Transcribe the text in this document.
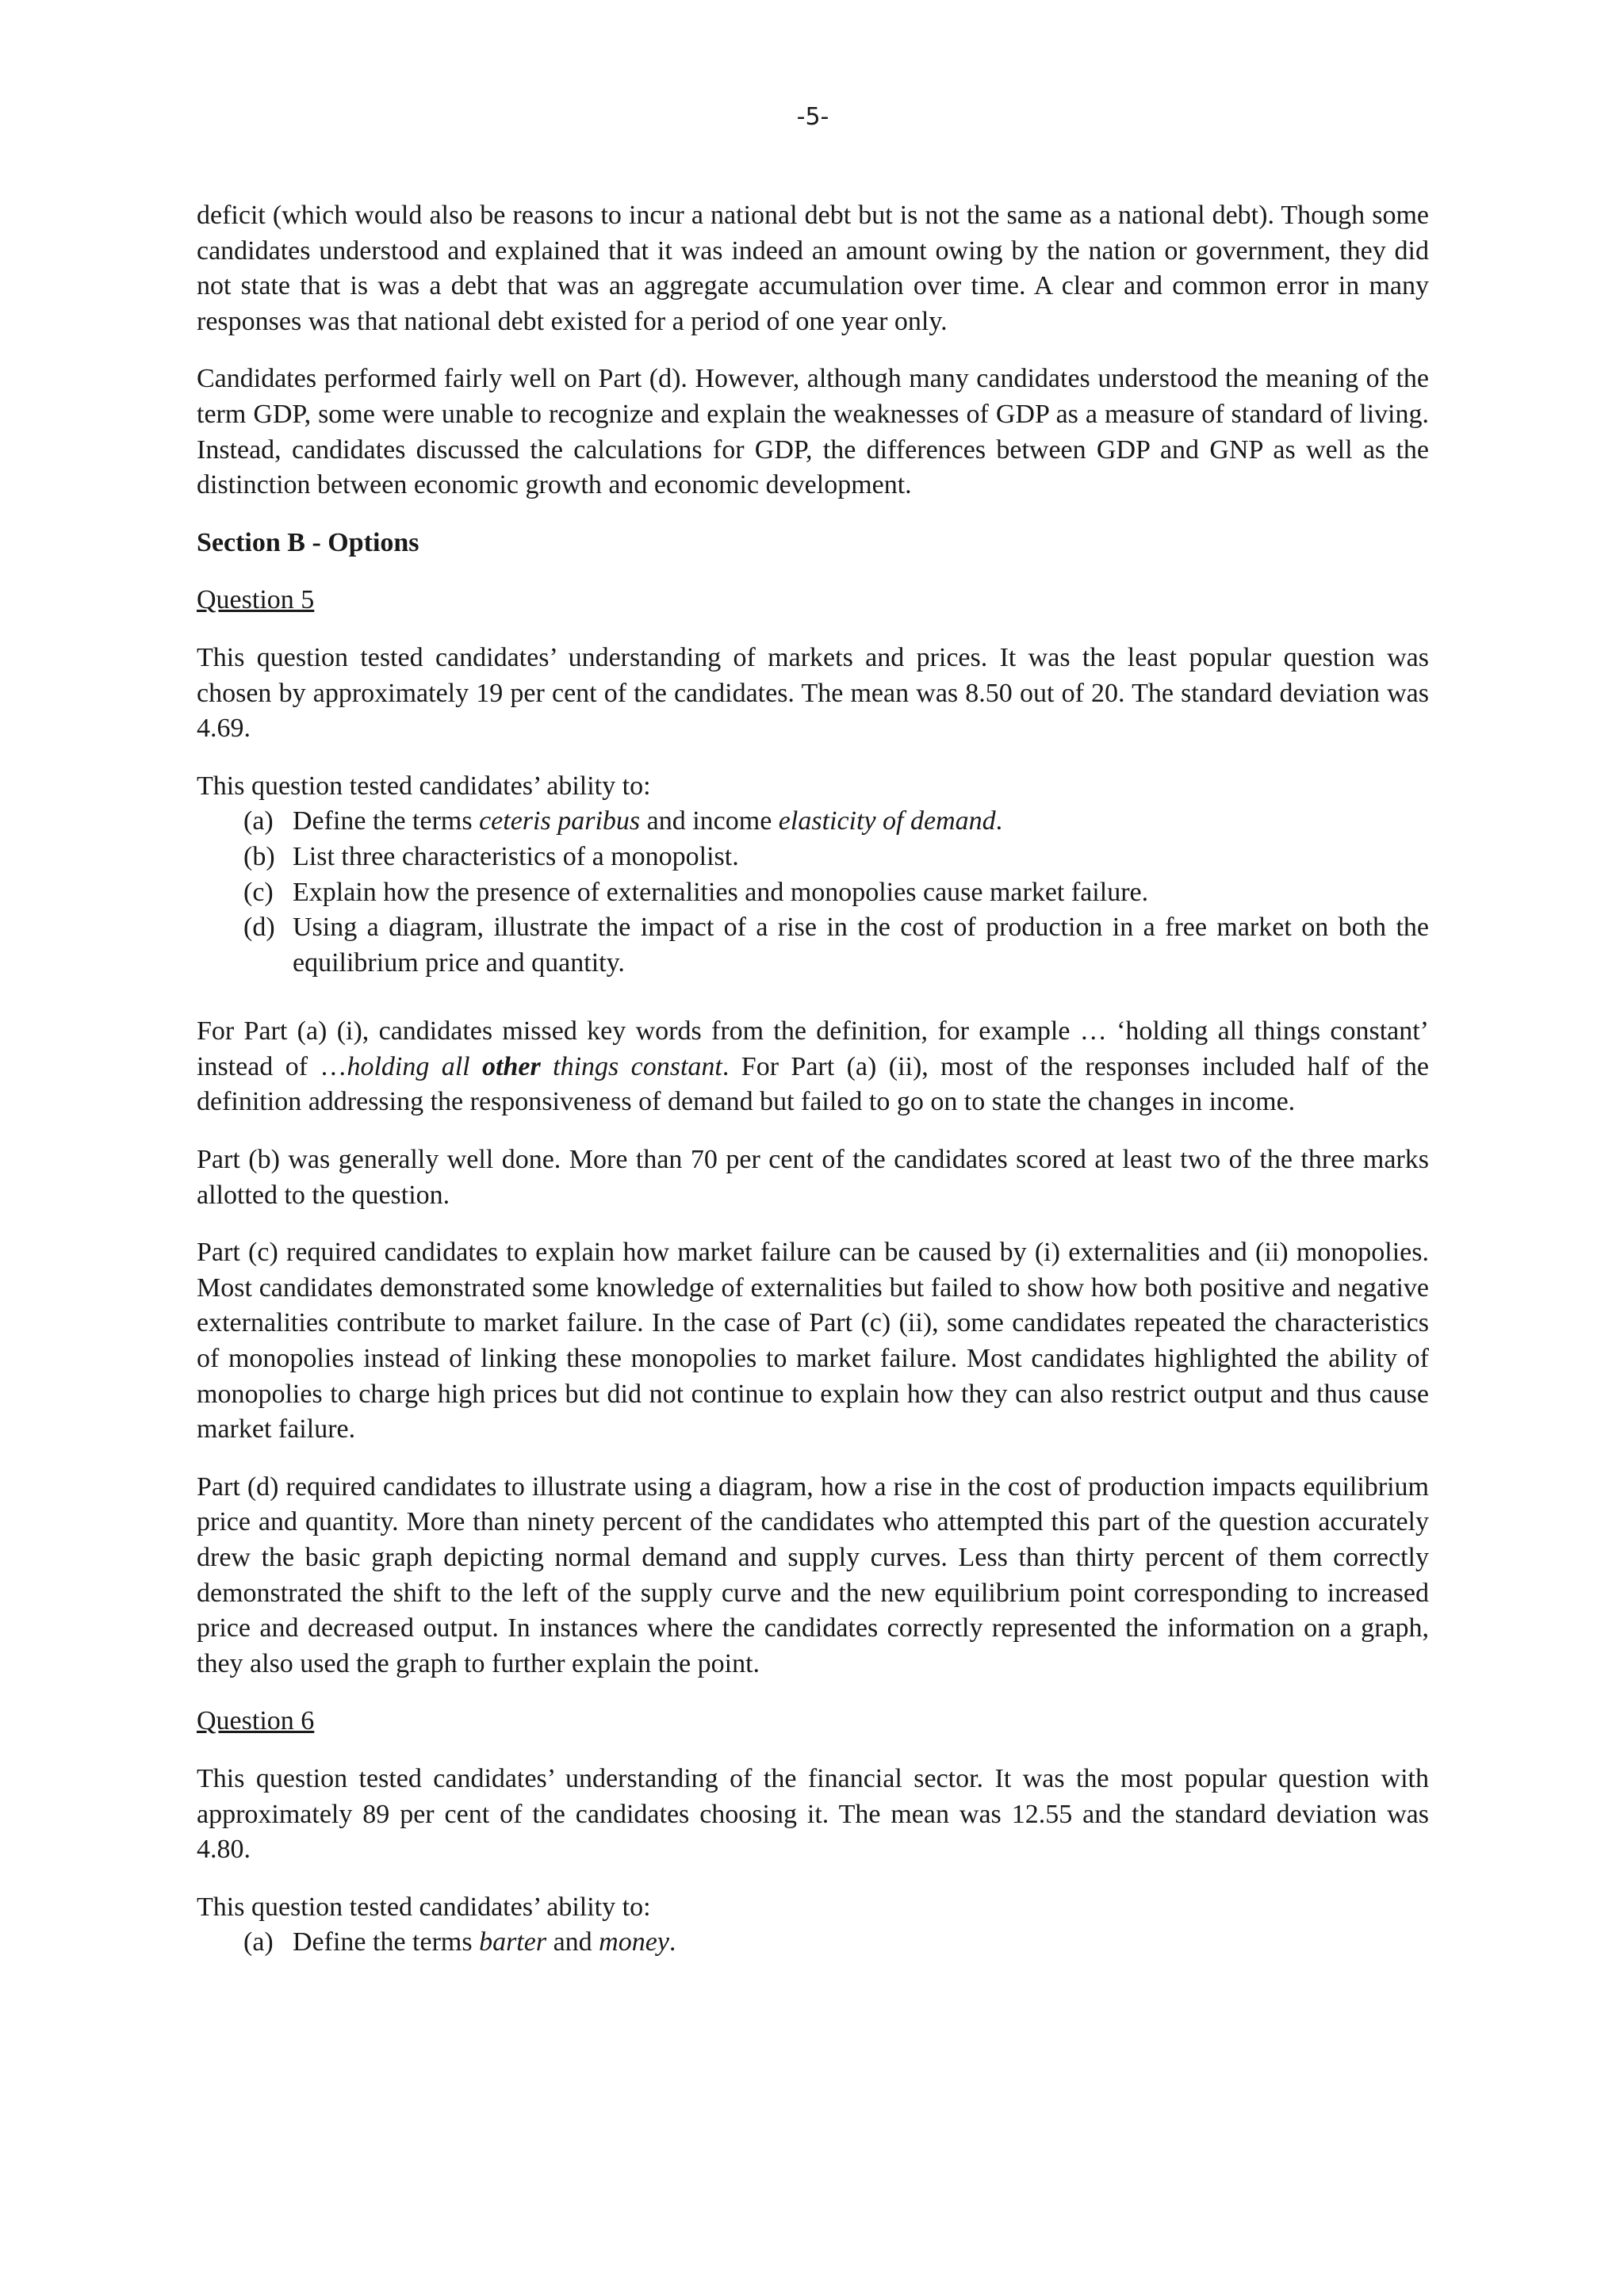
-5-

deficit (which would also be reasons to incur a national debt but is not the same as a national debt). Though some candidates understood and explained that it was indeed an amount owing by the nation or government, they did not state that is was a debt that was an aggregate accumulation over time. A clear and common error in many responses was that national debt existed for a period of one year only.

Candidates performed fairly well on Part (d). However, although many candidates understood the meaning of the term GDP, some were unable to recognize and explain the weaknesses of GDP as a measure of standard of living. Instead, candidates discussed the calculations for GDP, the differences between GDP and GNP as well as the distinction between economic growth and economic development.

Section B - Options

Question 5

This question tested candidates’ understanding of markets and prices. It was the least popular question was chosen by approximately 19 per cent of the candidates. The mean was 8.50 out of 20. The standard deviation was 4.69.

This question tested candidates’ ability to:

(a) Define the terms ceteris paribus and income elasticity of demand.
(b) List three characteristics of a monopolist.
(c) Explain how the presence of externalities and monopolies cause market failure.
(d) Using a diagram, illustrate the impact of a rise in the cost of production in a free market on both the equilibrium price and quantity.

For Part (a) (i), candidates missed key words from the definition, for example … ‘holding all things constant’ instead of …holding all other things constant. For Part (a) (ii), most of the responses included half of the definition addressing the responsiveness of demand but failed to go on to state the changes in income.

Part (b) was generally well done. More than 70 per cent of the candidates scored at least two of the three marks allotted to the question.

Part (c) required candidates to explain how market failure can be caused by (i) externalities and (ii) monopolies. Most candidates demonstrated some knowledge of externalities but failed to show how both positive and negative externalities contribute to market failure. In the case of Part (c) (ii), some candidates repeated the characteristics of monopolies instead of linking these monopolies to market failure. Most candidates highlighted the ability of monopolies to charge high prices but did not continue to explain how they can also restrict output and thus cause market failure.

Part (d) required candidates to illustrate using a diagram, how a rise in the cost of production impacts equilibrium price and quantity. More than ninety percent of the candidates who attempted this part of the question accurately drew the basic graph depicting normal demand and supply curves. Less than thirty percent of them correctly demonstrated the shift to the left of the supply curve and the new equilibrium point corresponding to increased price and decreased output. In instances where the candidates correctly represented the information on a graph, they also used the graph to further explain the point.

Question 6

This question tested candidates’ understanding of the financial sector. It was the most popular question with approximately 89 per cent of the candidates choosing it. The mean was 12.55 and the standard deviation was 4.80.

This question tested candidates’ ability to:

(a) Define the terms barter and money.
